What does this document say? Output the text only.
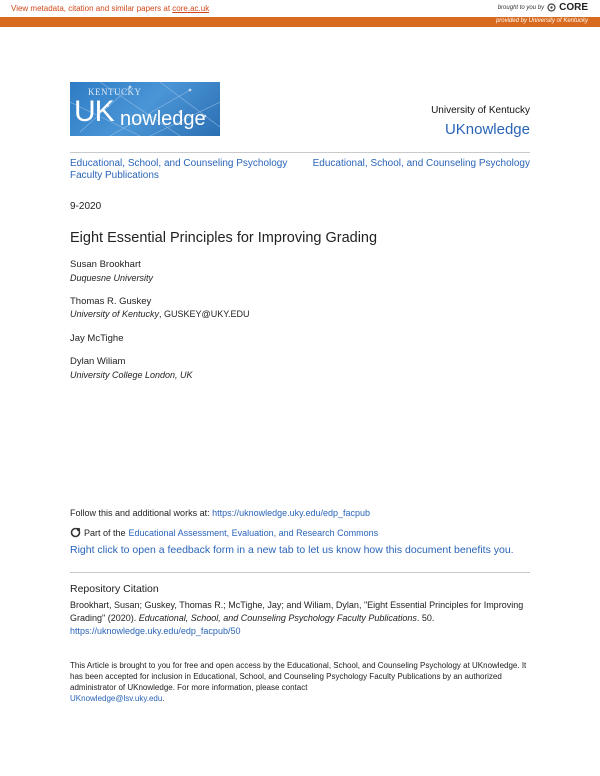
View metadata, citation and similar papers at core.ac.uk	brought to you by CORE
provided by University of Kentucky
KENTUCKY
UK nowledge	University of Kentucky
UKnowledge
Educational, School, and Counseling Psychology Faculty Publications
Educational, School, and Counseling Psychology
9-2020
Eight Essential Principles for Improving Grading
Susan Brookhart
Duquesne University
Thomas R. Guskey
University of Kentucky, GUSKEY@UKY.EDU
Jay McTighe
Dylan Wiliam
University College London, UK
Follow this and additional works at: https://uknowledge.uky.edu/edp_facpub
Part of the Educational Assessment, Evaluation, and Research Commons
Right click to open a feedback form in a new tab to let us know how this document benefits you.
Repository Citation
Brookhart, Susan; Guskey, Thomas R.; McTighe, Jay; and Wiliam, Dylan, "Eight Essential Principles for Improving Grading" (2020). Educational, School, and Counseling Psychology Faculty Publications. 50.
https://uknowledge.uky.edu/edp_facpub/50
This Article is brought to you for free and open access by the Educational, School, and Counseling Psychology at UKnowledge. It has been accepted for inclusion in Educational, School, and Counseling Psychology Faculty Publications by an authorized administrator of UKnowledge. For more information, please contact
UKnowledge@lsv.uky.edu.
